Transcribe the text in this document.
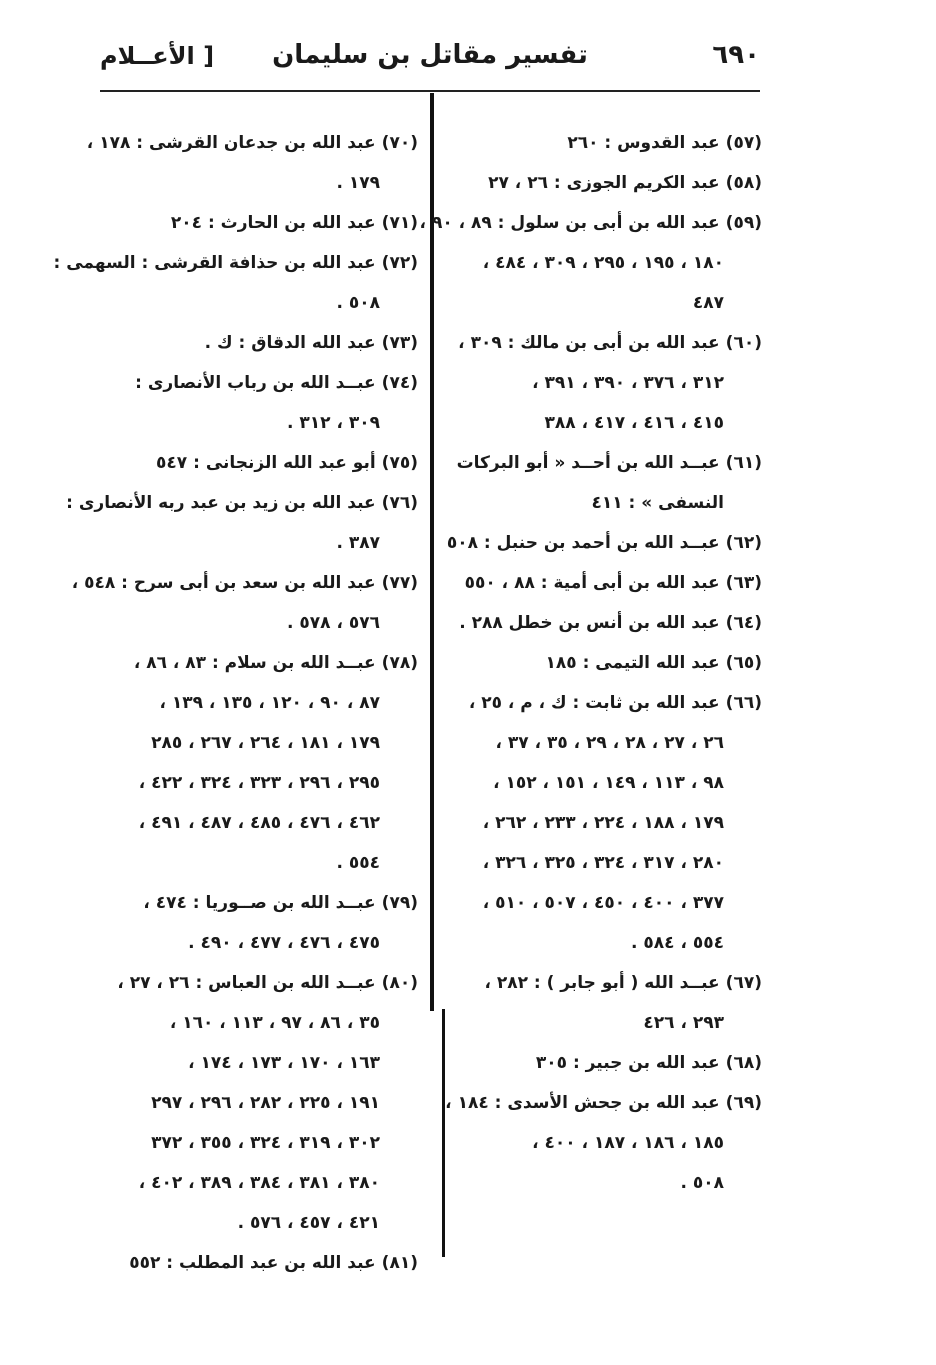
٦٩٠
تفسير مقاتل بن سليمان
[ الأعــلام
(٥٧)عبد القدوس : ٢٦٠
(٥٨)عبد الكريم الجوزى : ٢٦ ، ٢٧
(٥٩)عبد الله بن أبى بن سلول : ٨٩ ، ٩٠ ،
١٨٠ ، ١٩٥ ، ٢٩٥ ، ٣٠٩ ، ٤٨٤ ،
٤٨٧
(٦٠)عبد الله بن أبى بن مالك : ٣٠٩ ،
٣١٢ ، ٣٧٦ ، ٣٩٠ ، ٣٩١ ،
٤١٥ ، ٤١٦ ، ٤١٧ ، ٣٨٨
(٦١)عبــد الله بن أحــد « أبو البركات
النسفى » : ٤١١
(٦٢)عبــد الله بن أحمد بن حنبل : ٥٠٨
(٦٣)عبد الله بن أبى أمية : ٨٨ ، ٥٥٠
(٦٤)عبد الله بن أنس بن خطل ٢٨٨ .
(٦٥)عبد الله التيمى : ١٨٥
(٦٦)عبد الله بن ثابت : ك ، م ، ٢٥ ،
٢٦ ، ٢٧ ، ٢٨ ، ٢٩ ، ٣٥ ، ٣٧ ،
٩٨ ، ١١٣ ، ١٤٩ ، ١٥١ ، ١٥٢ ،
١٧٩ ، ١٨٨ ، ٢٢٤ ، ٢٣٣ ، ٢٦٢ ،
٢٨٠ ، ٣١٧ ، ٣٢٤ ، ٣٢٥ ، ٣٢٦ ،
٣٧٧ ، ٤٠٠ ، ٤٥٠ ، ٥٠٧ ، ٥١٠ ،
٥٥٤ ، ٥٨٤ .
(٦٧)عبــد الله ( أبو جابر ) : ٢٨٢ ،
٢٩٣ ، ٤٢٦
(٦٨)عبد الله بن جبير : ٣٠٥
(٦٩)عبد الله بن جحش الأسدى : ١٨٤ ،
١٨٥ ، ١٨٦ ، ١٨٧ ، ٤٠٠ ،
٥٠٨ .
(٧٠)عبد الله بن جدعان القرشى : ١٧٨ ،
١٧٩ .
(٧١)عبد الله بن الحارث : ٢٠٤
(٧٢)عبد الله بن حذافة القرشى : السهمى :
٥٠٨ .
(٧٣)عبد الله الدقاق : ك .
(٧٤)عبــد الله بن رباب الأنصارى :
٣٠٩ ، ٣١٢ .
(٧٥)أبو عبد الله الزنجانى : ٥٤٧
(٧٦)عبد الله بن زيد بن عبد ربه الأنصارى :
٣٨٧ .
(٧٧)عبد الله بن سعد بن أبى سرح : ٥٤٨ ،
٥٧٦ ، ٥٧٨ .
(٧٨)عبــد الله بن سلام : ٨٣ ، ٨٦ ،
٨٧ ، ٩٠ ، ١٢٠ ، ١٣٥ ، ١٣٩ ،
١٧٩ ، ١٨١ ، ٢٦٤ ، ٢٦٧ ، ٢٨٥
٢٩٥ ، ٢٩٦ ، ٣٢٣ ، ٣٢٤ ، ٤٢٢ ،
٤٦٢ ، ٤٧٦ ، ٤٨٥ ، ٤٨٧ ، ٤٩١ ،
٥٥٤ .
(٧٩)عبــد الله بن صــوريا : ٤٧٤ ،
٤٧٥ ، ٤٧٦ ، ٤٧٧ ، ٤٩٠ .
(٨٠)عبــد الله بن العباس : ٢٦ ، ٢٧ ،
٣٥ ، ٨٦ ، ٩٧ ، ١١٣ ، ١٦٠ ،
١٦٣ ، ١٧٠ ، ١٧٣ ، ١٧٤ ،
١٩١ ، ٢٢٥ ، ٢٨٢ ، ٢٩٦ ، ٢٩٧
٣٠٢ ، ٣١٩ ، ٣٢٤ ، ٣٥٥ ، ٣٧٢
٣٨٠ ، ٣٨١ ، ٣٨٤ ، ٣٨٩ ، ٤٠٢ ،
٤٢١ ، ٤٥٧ ، ٥٧٦ .
(٨١)عبد الله بن عبد المطلب : ٥٥٢
